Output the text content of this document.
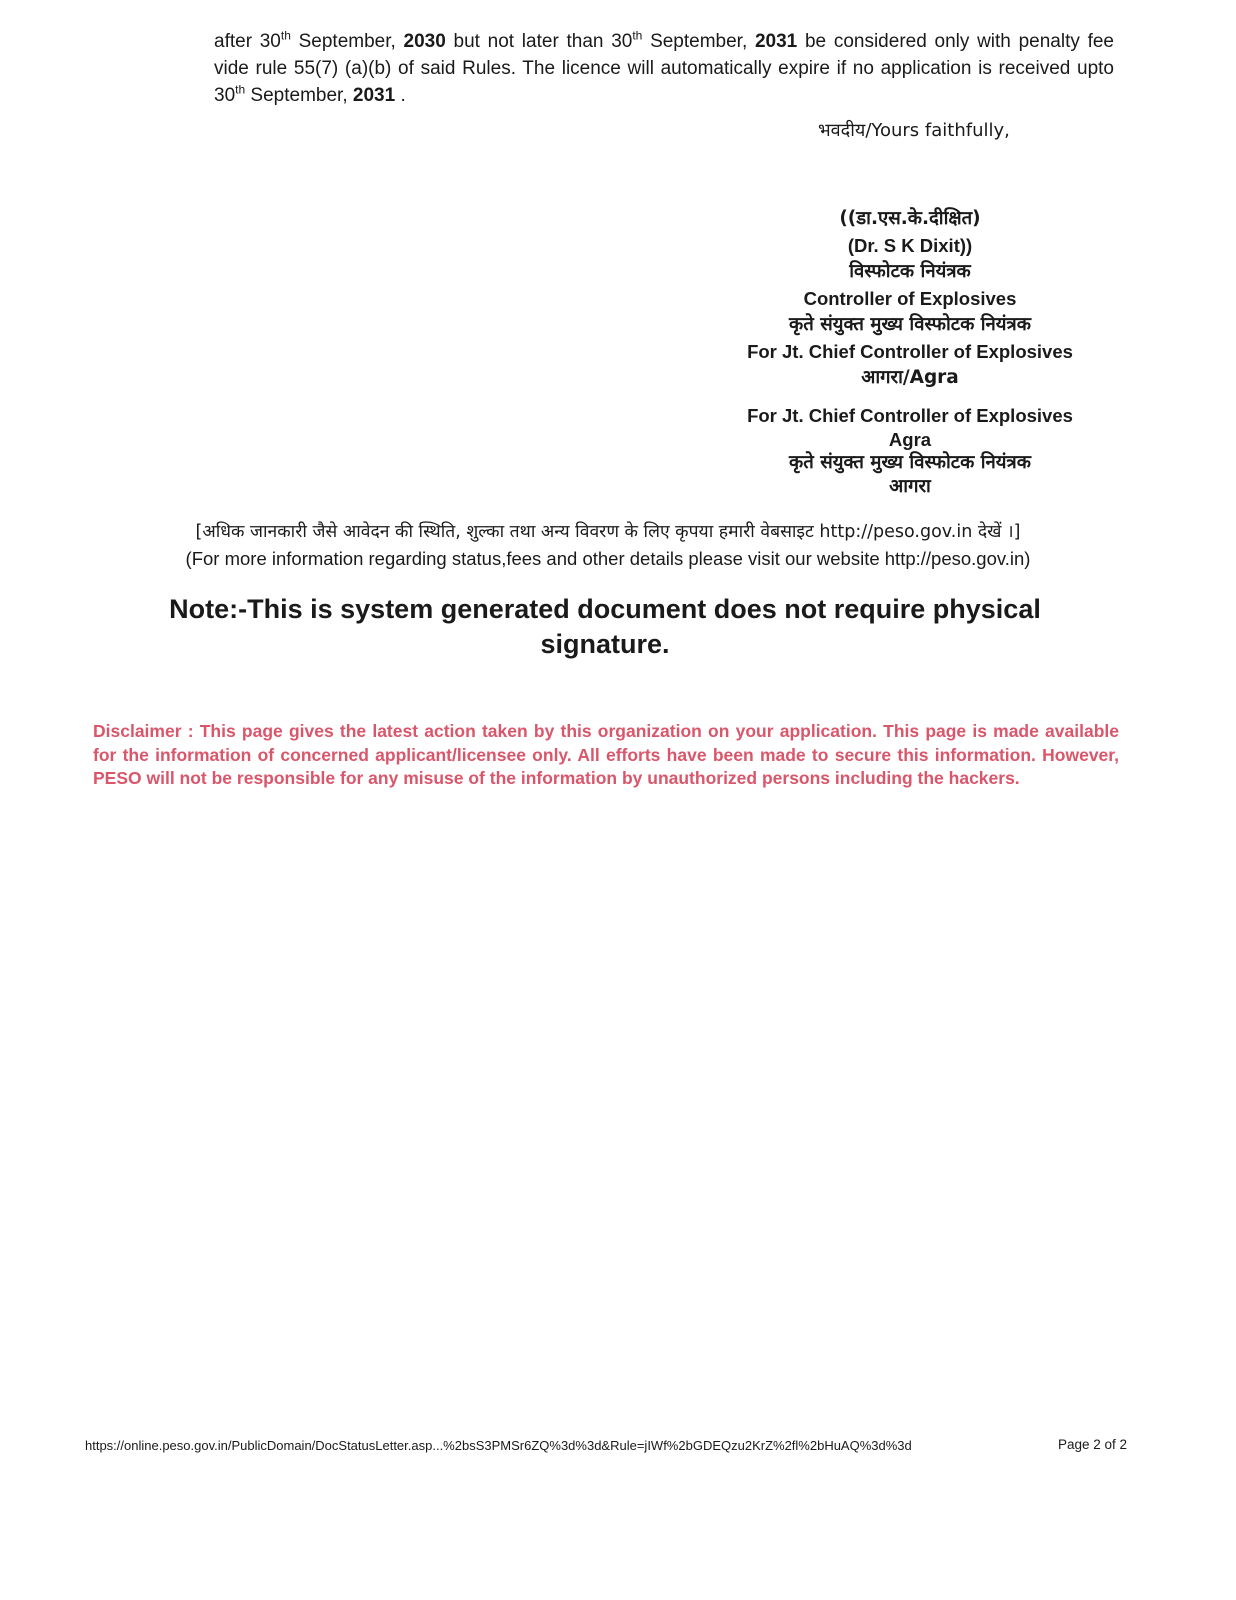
after 30th September, 2030 but not later than 30th September, 2031 be considered only with penalty fee vide rule 55(7) (a)(b) of said Rules. The licence will automatically expire if no application is received upto 30th September, 2031 .
भवदीय/Yours faithfully,
((डा.एस.के.दीक्षित)
(Dr. S K Dixit))
विस्फोटक नियंत्रक
Controller of Explosives
कृते संयुक्त मुख्य विस्फोटक नियंत्रक
For Jt. Chief Controller of Explosives
आगरा/Agra
For Jt. Chief Controller of Explosives
Agra
कृते संयुक्त मुख्य विस्फोटक नियंत्रक
आगरा
[अधिक जानकारी जैसे आवेदन की स्थिति, शुल्का तथा अन्य विवरण के लिए कृपया हमारी वेबसाइट http://peso.gov.in देखें ।]
(For more information regarding status,fees and other details please visit our website http://peso.gov.in)
Note:-This is system generated document does not require physical signature.
Disclaimer : This page gives the latest action taken by this organization on your application. This page is made available for the information of concerned applicant/licensee only. All efforts have been made to secure this information. However, PESO will not be responsible for any misuse of the information by unauthorized persons including the hackers.
https://online.peso.gov.in/PublicDomain/DocStatusLetter.asp...%2bsS3PMSr6ZQ%3d%3d&Rule=jIWf%2bGDEQzu2KrZ%2fl%2bHuAQ%3d%3d	Page 2 of 2
